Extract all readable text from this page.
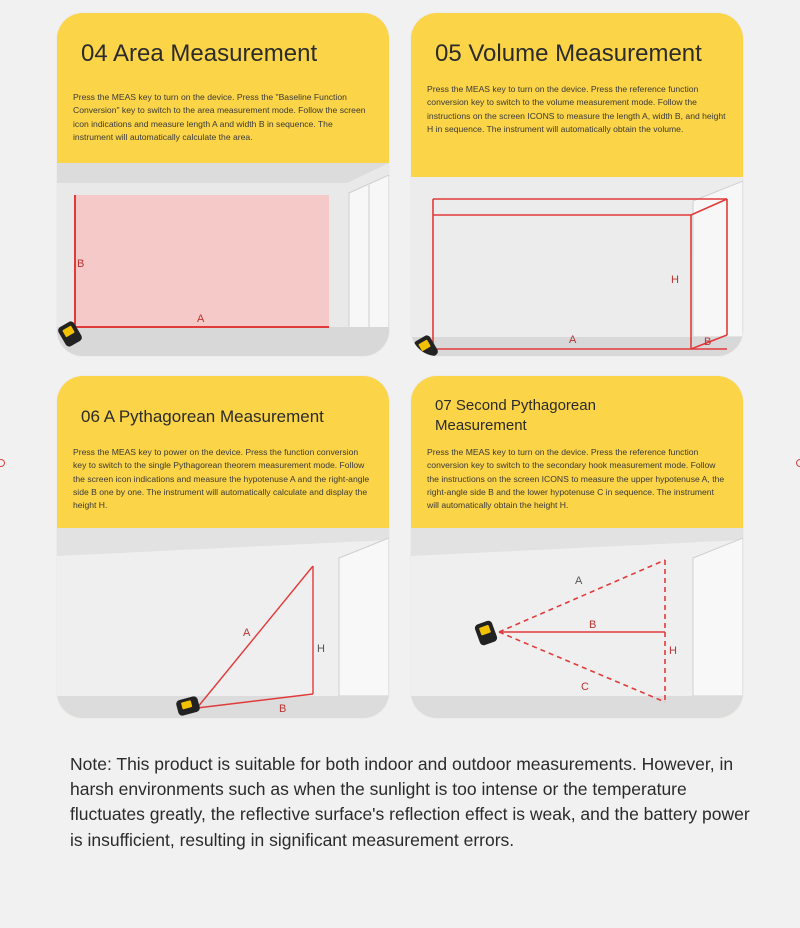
04 Area Measurement
Press the MEAS key to turn on the device. Press the "Baseline Function Conversion" key to switch to the area measurement mode. Follow the screen icon indications and measure length A and width B in sequence. The instrument will automatically calculate the area.
B
A
05 Volume Measurement
Press the MEAS key to turn on the device. Press the reference function conversion key to switch to the volume measurement mode. Follow the instructions on the screen ICONS to measure the length A, width B, and height H in sequence. The instrument will automatically obtain the volume.
H
A	B
06 A Pythagorean Measurement
Press the MEAS key to power on the device. Press the function conversion key to switch to the single Pythagorean theorem measurement mode. Follow the screen icon indications and measure the hypotenuse A and the right-angle side B one by one. The instrument will automatically calculate and display the height H.
A
H
B
07 Second Pythagorean Measurement
Press the MEAS key to turn on the device. Press the reference function conversion key to switch to the secondary hook measurement mode. Follow the instructions on the screen ICONS to measure the upper hypotenuse A, the right-angle side B and the lower hypotenuse C in sequence. The instrument will automatically obtain the height H.
A
B
H
C
Note: This product is suitable for both indoor and outdoor measurements. However, in harsh environments such as when the sunlight is too intense or the temperature fluctuates greatly, the reflective surface's reflection effect is weak, and the battery power is insufficient, resulting in significant measurement errors.
